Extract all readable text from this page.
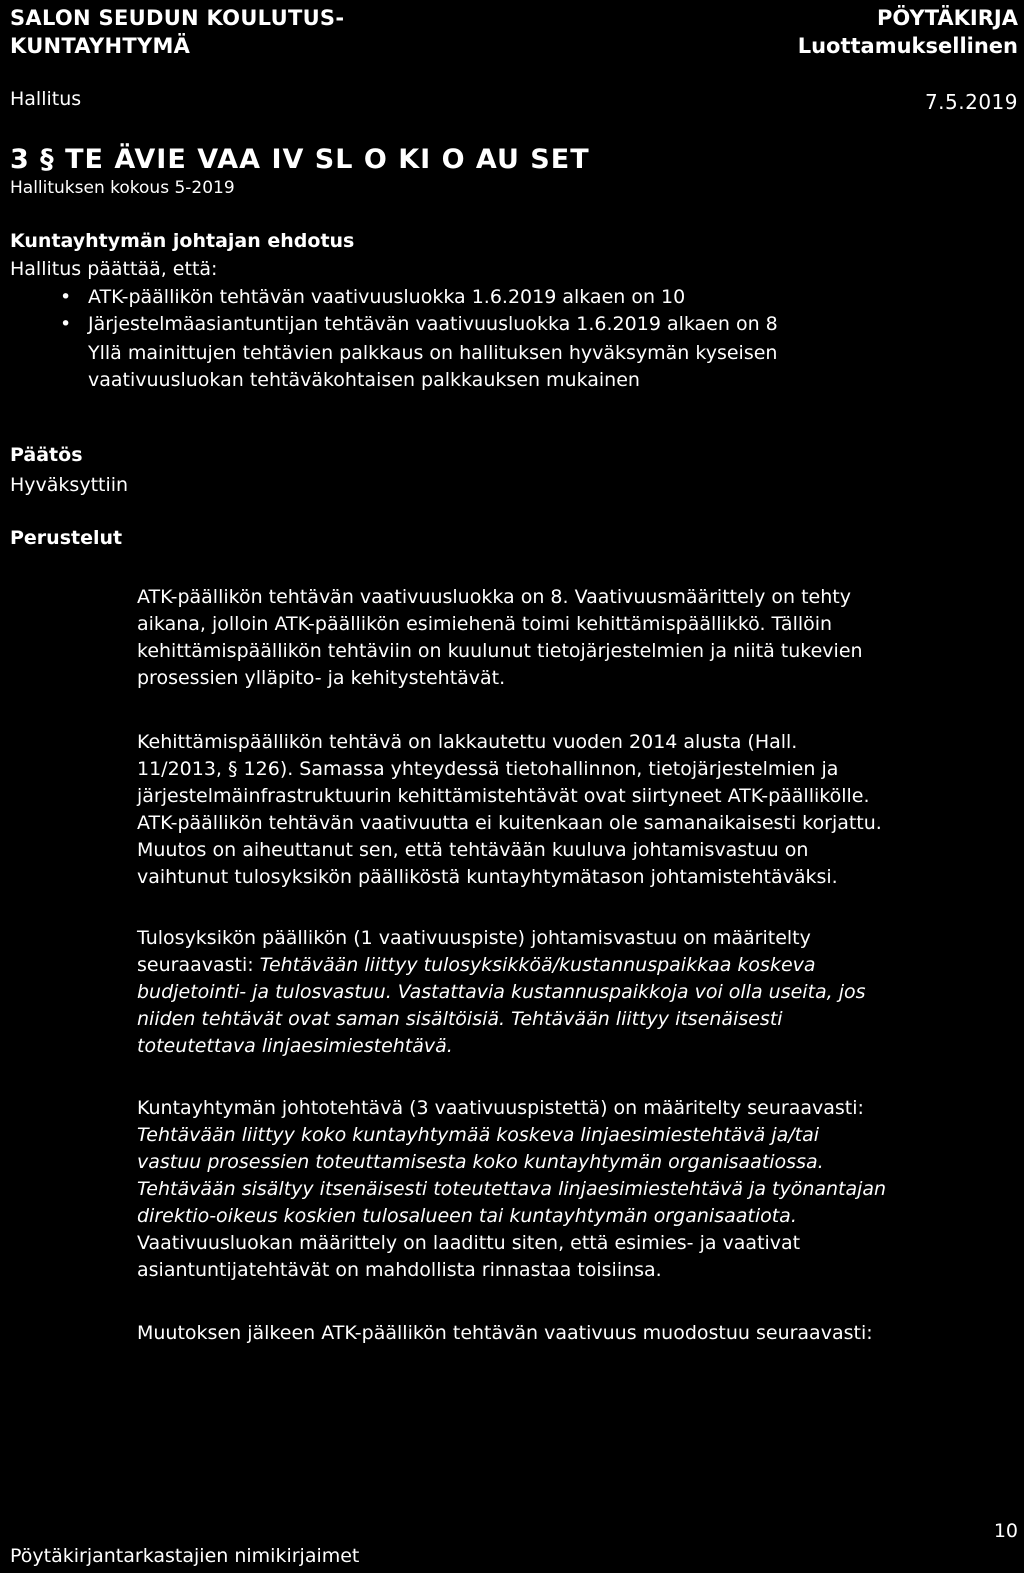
SALON SEUDUN KOULUTUS-
KUNTAYHTYMÄ
PÖYTÄKIRJA
Luottamuksellinen
Hallitus	7.5.2019
3 § TE ÄVIE VAA IV SL O KI O AU SET
Hallituksen kokous 5-2019
Kuntayhtymän johtajan ehdotus
Hallitus päättää, että:
• ATK-päällikön tehtävän vaativuusluokka 1.6.2019 alkaen on 10
• Järjestelmäasiantuntijan tehtävän vaativuusluokka 1.6.2019 alkaen on 8
Yllä mainittujen tehtävien palkkaus on hallituksen hyväksymän kyseisen
vaativuusluokan tehtäväkohtaisen palkkauksen mukainen
Päätös
Hyväksyttiin
Perustelut

ATK-päällikön tehtävän vaativuusluokka on 8. Vaativuusmäärittely on tehty

aikana, jolloin ATK-päällikön esimiehenä toimi kehittämispäällikkö. Tällöin

kehittämispäällikön tehtäviin on kuulunut tietojärjestelmien ja niitä tukevien

prosessien ylläpito- ja kehitystehtävät.

Kehittämispäällikön tehtävä on lakkautettu vuoden 2014 alusta (Hall.

11/2013, § 126). Samassa yhteydessä tietohallinnon, tietojärjestelmien ja

järjestelmäinfrastruktuurin kehittämistehtävät ovat siirtyneet ATK-päällikölle.

ATK-päällikön tehtävän vaativuutta ei kuitenkaan ole samanaikaisesti korjattu.

Muutos on aiheuttanut sen, että tehtävään kuuluva johtamisvastuu on

vaihtunut tulosyksikön päälliköstä kuntayhtymätason johtamistehtäväksi.

Tulosyksikön päällikön (1 vaativuuspiste) johtamisvastuu on määritelty

seuraavasti: Tehtävään liittyy tulosyksikköä/kustannuspaikkaa koskeva

budjetointi- ja tulosvastuu. Vastattavia kustannuspaikkoja voi olla useita, jos

niiden tehtävät ovat saman sisältöisiä. Tehtävään liittyy itsenäisesti

toteutettava linjaesimiestehtävä.

Kuntayhtymän johtotehtävä (3 vaativuuspistettä) on määritelty seuraavasti:

Tehtävään liittyy koko kuntayhtymää koskeva linjaesimiestehtävä ja/tai

vastuu prosessien toteuttamisesta koko kuntayhtymän organisaatiossa.

Tehtävään sisältyy itsenäisesti toteutettava linjaesimiestehtävä ja työnantajan

direktio-oikeus koskien tulosalueen tai kuntayhtymän organisaatiota.

Vaativuusluokan määrittely on laadittu siten, että esimies- ja vaativat

asiantuntijatehtävät on mahdollista rinnastaa toisiinsa.

Muutoksen jälkeen ATK-päällikön tehtävän vaativuus muodostuu seuraavasti:

10
Pöytäkirjantarkastajien nimikirjaimet
